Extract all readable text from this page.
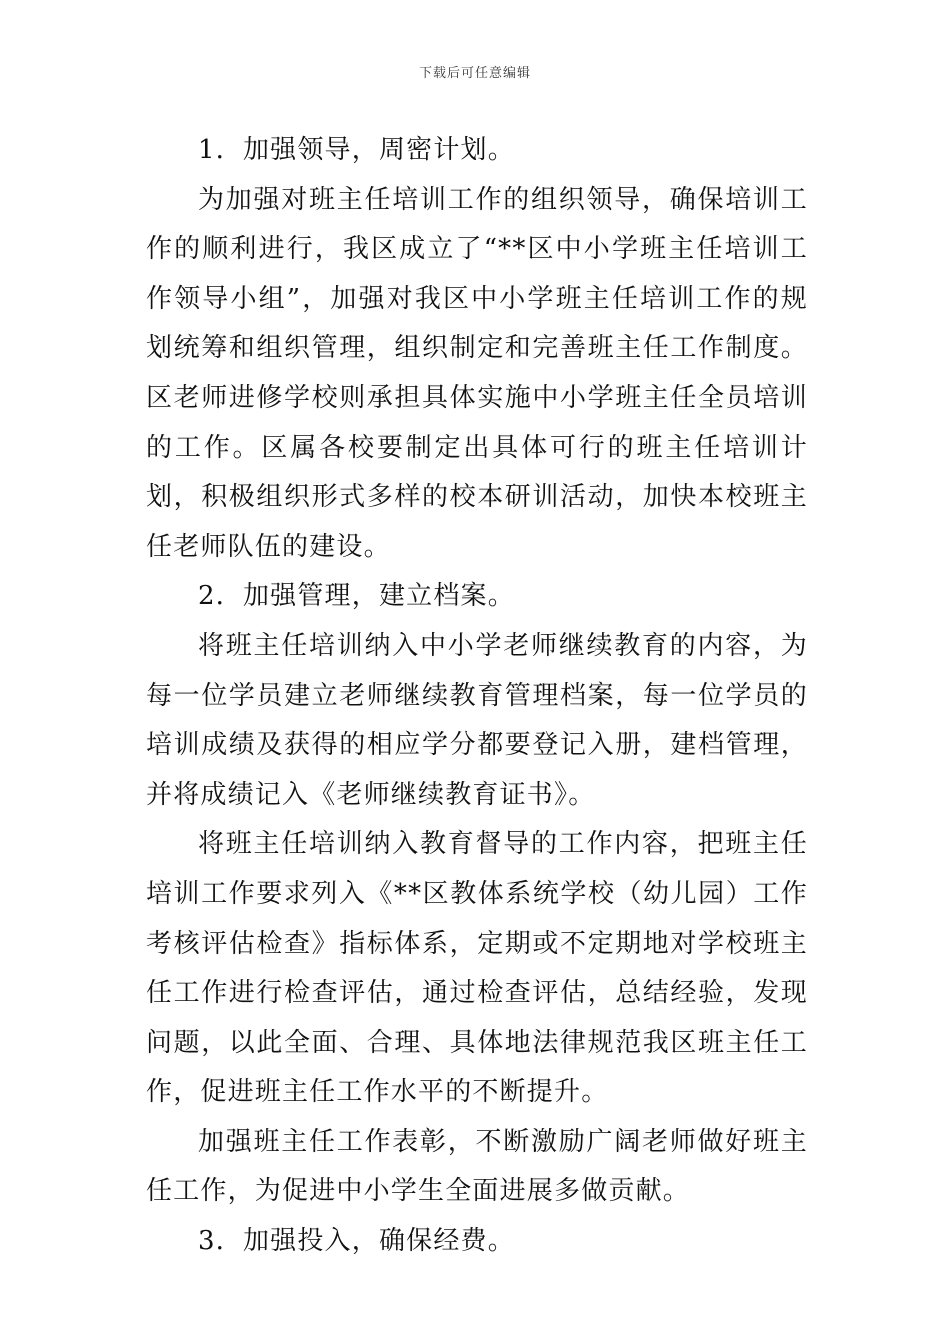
下载后可任意编辑

1．加强领导，周密计划。

为加强对班主任培训工作的组织领导，确保培训工作的顺利进行，我区成立了“**区中小学班主任培训工作领导小组”，加强对我区中小学班主任培训工作的规划统筹和组织管理，组织制定和完善班主任工作制度。区老师进修学校则承担具体实施中小学班主任全员培训的工作。区属各校要制定出具体可行的班主任培训计划，积极组织形式多样的校本研训活动，加快本校班主任老师队伍的建设。

2．加强管理，建立档案。

将班主任培训纳入中小学老师继续教育的内容，为每一位学员建立老师继续教育管理档案，每一位学员的培训成绩及获得的相应学分都要登记入册，建档管理，并将成绩记入《老师继续教育证书》。

将班主任培训纳入教育督导的工作内容，把班主任培训工作要求列入《**区教体系统学校（幼儿园）工作考核评估检查》指标体系，定期或不定期地对学校班主任工作进行检查评估，通过检查评估，总结经验，发现问题，以此全面、合理、具体地法律规范我区班主任工作，促进班主任工作水平的不断提升。

加强班主任工作表彰，不断激励广阔老师做好班主任工作，为促进中小学生全面进展多做贡献。

3．加强投入，确保经费。
